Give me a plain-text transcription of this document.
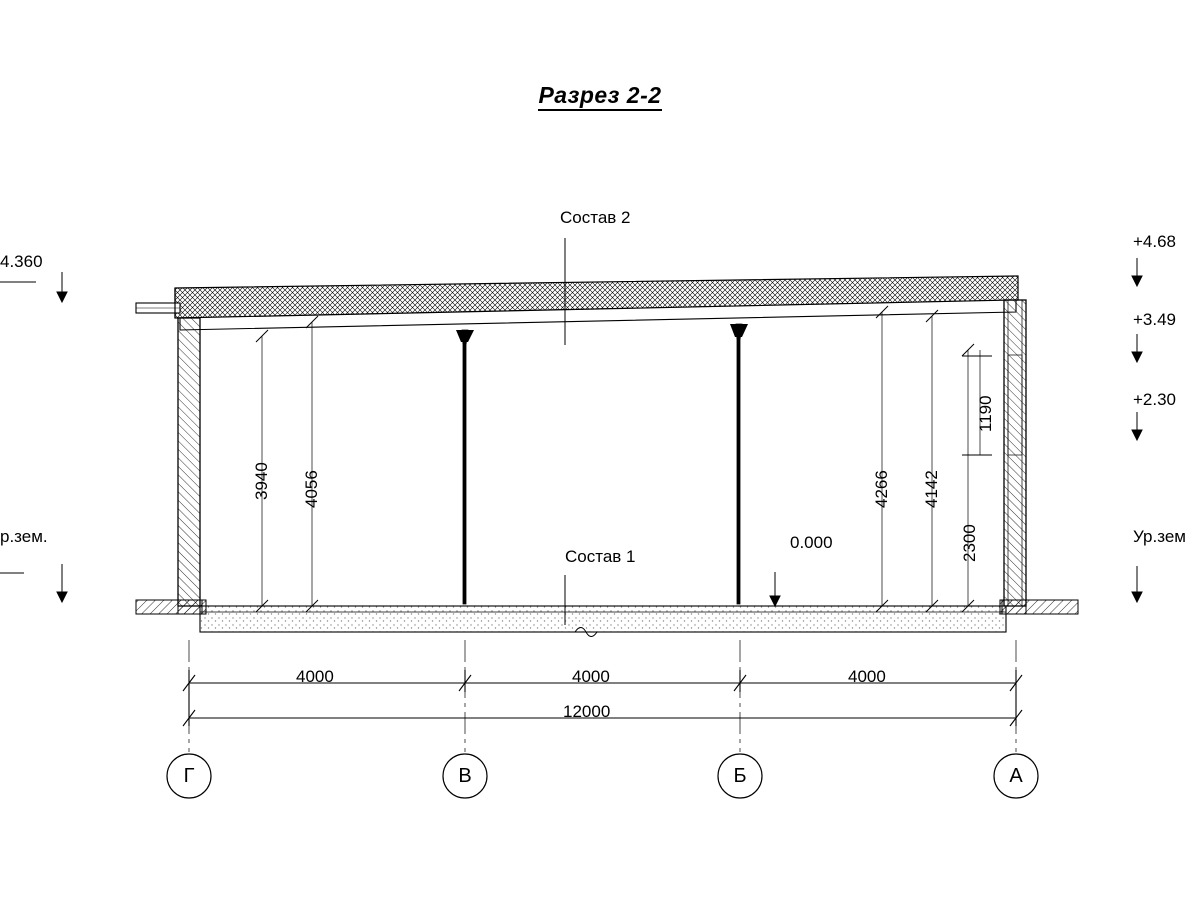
Разрез 2-2
Состав 2
Состав 1
0.000
4.360
р.зем.
+4.68
+3.49
+2.30
Ур.зем
3940 4056	4266 4142
1190
2300
4000	4000	4000
12000
Г	В	Б	А
